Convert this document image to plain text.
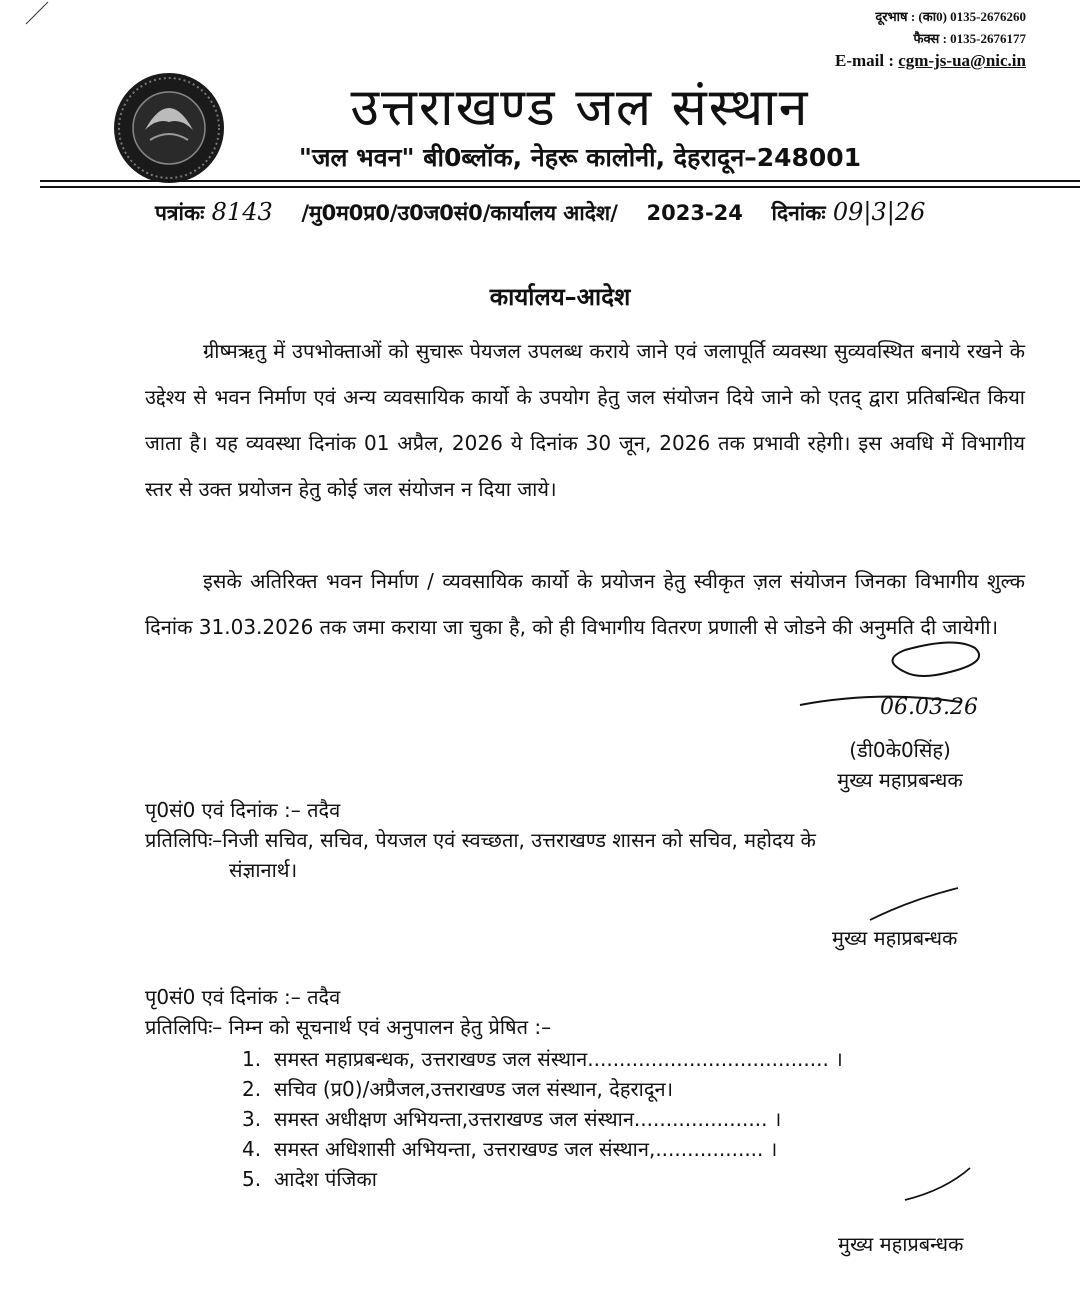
दूरभाष : (का0) 0135-2676260
फैक्स : 0135-2676177
E-mail : cgm-js-ua@nic.in
उत्तराखण्ड जल संस्थान
"जल भवन" बी0ब्लॉक, नेहरू कालोनी, देहरादून–248001
पत्रांकः 8143 /मु0म0प्र0/उ0ज0सं0/कार्यालय आदेश/ 2023-24 दिनांकः 09|3|26
कार्यालय–आदेश
ग्रीष्मऋतु में उपभोक्ताओं को सुचारू पेयजल उपलब्ध कराये जाने एवं जलापूर्ति व्यवस्था सुव्यवस्थित बनाये रखने के उद्देश्य से भवन निर्माण एवं अन्य व्यवसायिक कार्यो के उपयोग हेतु जल संयोजन दिये जाने को एतद् द्वारा प्रतिबन्धित किया जाता है। यह व्यवस्था दिनांक 01 अप्रैल, 2026 ये दिनांक 30 जून, 2026 तक प्रभावी रहेगी। इस अवधि में विभागीय स्तर से उक्त प्रयोजन हेतु कोई जल संयोजन न दिया जाये।
इसके अतिरिक्त भवन निर्माण / व्यवसायिक कार्यो के प्रयोजन हेतु स्वीकृत ज़ल संयोजन जिनका विभागीय शुल्क दिनांक 31.03.2026 तक जमा कराया जा चुका है, को ही विभागीय वितरण प्रणाली से जोडने की अनुमति दी जायेगी।
06.03.26
(डी0के0सिंह)
मुख्य महाप्रबन्धक
पृ0सं0 एवं दिनांक :– तदैव
प्रतिलिपिः–निजी सचिव, सचिव, पेयजल एवं स्वच्छता, उत्तराखण्ड शासन को सचिव, महोदय के
संज्ञानार्थ।
मुख्य महाप्रबन्धक
पृ0सं0 एवं दिनांक :– तदैव
प्रतिलिपिः– निम्न को सूचनार्थ एवं अनुपालन हेतु प्रेषित :–
1. समस्त महाप्रबन्धक, उत्तराखण्ड जल संस्थान...................................... ।
2. सचिव (प्र0)/अप्रैजल,उत्तराखण्ड जल संस्थान, देहरादून।
3. समस्त अधीक्षण अभियन्ता,उत्तराखण्ड जल संस्थान..................... ।
4. समस्त अधिशासी अभियन्ता, उत्तराखण्ड जल संस्थान,................. ।
5. आदेश पंजिका
मुख्य महाप्रबन्धक
